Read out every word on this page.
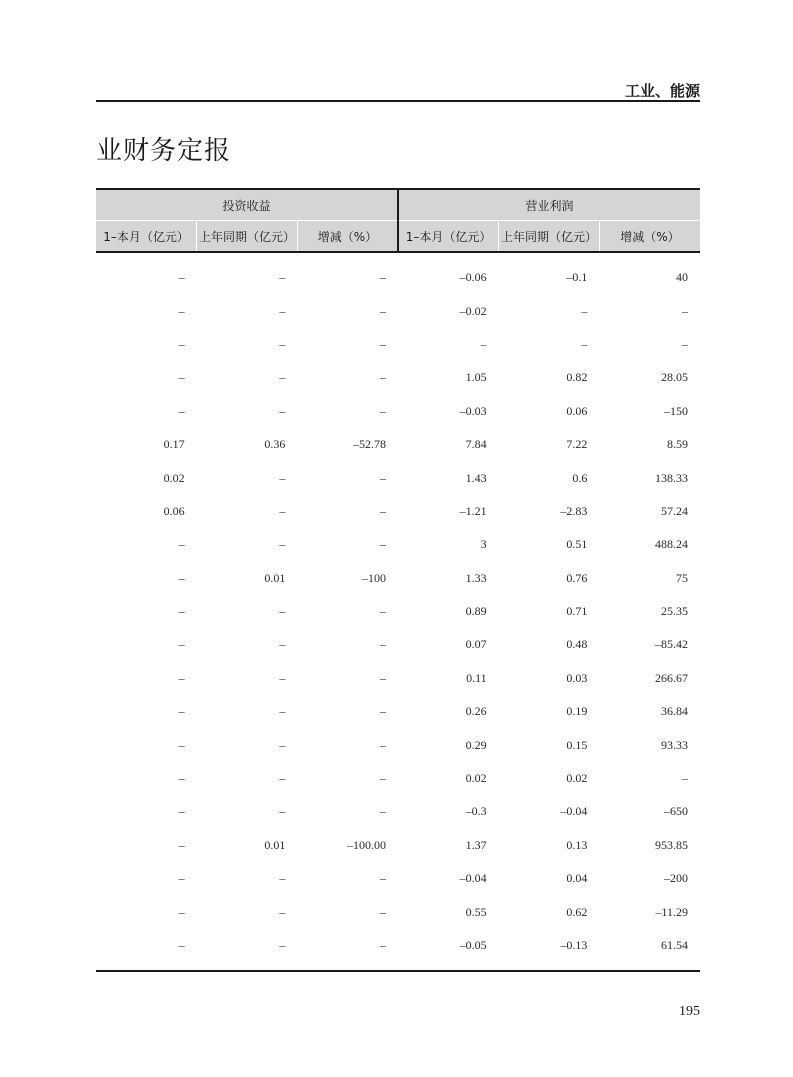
工业、能源
业财务定报
投资收益			营业利润		
1–本月（亿元）	上年同期（亿元）	增减（%）	1–本月（亿元）	上年同期（亿元）	增减（%）
–	–	–	–0.06	–0.1	40
–	–	–	–0.02	–	–
–	–	–	–	–	–
–	–	–	1.05	0.82	28.05
–	–	–	–0.03	0.06	–150
0.17	0.36	–52.78	7.84	7.22	8.59
0.02	–	–	1.43	0.6	138.33
0.06	–	–	–1.21	–2.83	57.24
–	–	–	3	0.51	488.24
–	0.01	–100	1.33	0.76	75
–	–	–	0.89	0.71	25.35
–	–	–	0.07	0.48	–85.42
–	–	–	0.11	0.03	266.67
–	–	–	0.26	0.19	36.84
–	–	–	0.29	0.15	93.33
–	–	–	0.02	0.02	–
–	–	–	–0.3	–0.04	–650
–	0.01	–100.00	1.37	0.13	953.85
–	–	–	–0.04	0.04	–200
–	–	–	0.55	0.62	–11.29
–	–	–	–0.05	–0.13	61.54
195
